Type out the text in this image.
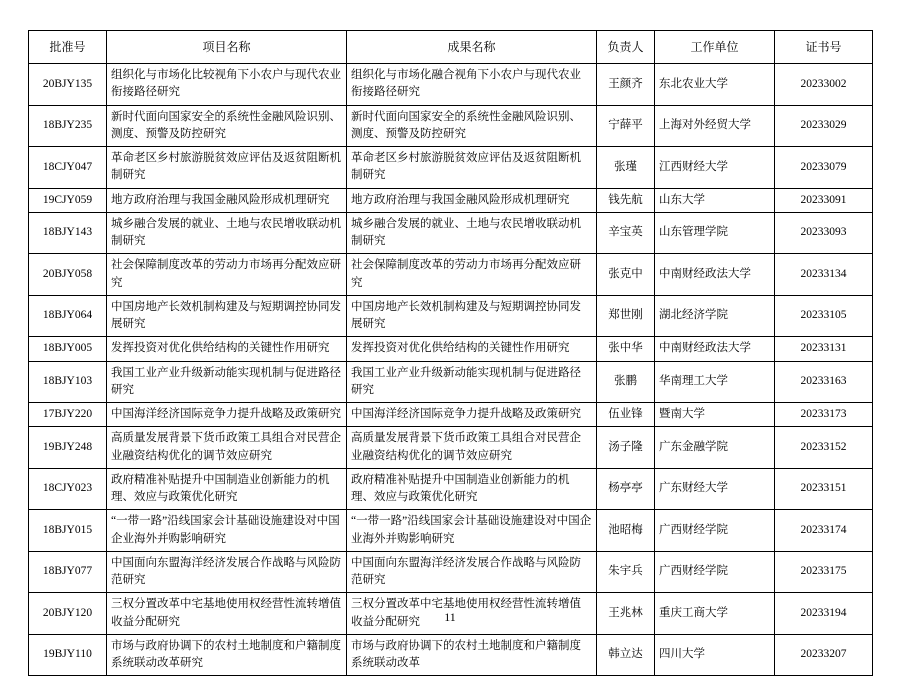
批准号	项目名称	成果名称	负责人	工作单位	证书号
20BJY135	组织化与市场化比较视角下小农户与现代农业衔接路径研究	组织化与市场化融合视角下小农户与现代农业衔接路径研究	王颜齐	东北农业大学	20233002
18BJY235	新时代面向国家安全的系统性金融风险识别、测度、预警及防控研究	新时代面向国家安全的系统性金融风险识别、测度、预警及防控研究	宁薛平	上海对外经贸大学	20233029
18CJY047	革命老区乡村旅游脱贫效应评估及返贫阻断机制研究	革命老区乡村旅游脱贫效应评估及返贫阻断机制研究	张瑾	江西财经大学	20233079
19CJY059	地方政府治理与我国金融风险形成机理研究	地方政府治理与我国金融风险形成机理研究	钱先航	山东大学	20233091
18BJY143	城乡融合发展的就业、土地与农民增收联动机制研究	城乡融合发展的就业、土地与农民增收联动机制研究	辛宝英	山东管理学院	20233093
20BJY058	社会保障制度改革的劳动力市场再分配效应研究	社会保障制度改革的劳动力市场再分配效应研究	张克中	中南财经政法大学	20233134
18BJY064	中国房地产长效机制构建及与短期调控协同发展研究	中国房地产长效机制构建及与短期调控协同发展研究	郑世刚	湖北经济学院	20233105
18BJY005	发挥投资对优化供给结构的关键性作用研究	发挥投资对优化供给结构的关键性作用研究	张中华	中南财经政法大学	20233131
18BJY103	我国工业产业升级新动能实现机制与促进路径研究	我国工业产业升级新动能实现机制与促进路径研究	张鹏	华南理工大学	20233163
17BJY220	中国海洋经济国际竞争力提升战略及政策研究	中国海洋经济国际竞争力提升战略及政策研究	伍业锋	暨南大学	20233173
19BJY248	高质量发展背景下货币政策工具组合对民营企业融资结构优化的调节效应研究	高质量发展背景下货币政策工具组合对民营企业融资结构优化的调节效应研究	汤子隆	广东金融学院	20233152
18CJY023	政府精准补贴提升中国制造业创新能力的机理、效应与政策优化研究	政府精准补贴提升中国制造业创新能力的机理、效应与政策优化研究	杨亭亭	广东财经大学	20233151
18BJY015	“一带一路”沿线国家会计基础设施建设对中国企业海外并购影响研究	“一带一路”沿线国家会计基础设施建设对中国企业海外并购影响研究	池昭梅	广西财经学院	20233174
18BJY077	中国面向东盟海洋经济发展合作战略与风险防范研究	中国面向东盟海洋经济发展合作战略与风险防范研究	朱宇兵	广西财经学院	20233175
20BJY120	三权分置改革中宅基地使用权经营性流转增值收益分配研究	三权分置改革中宅基地使用权经营性流转增值收益分配研究	王兆林	重庆工商大学	20233194
19BJY110	市场与政府协调下的农村土地制度和户籍制度系统联动改革研究	市场与政府协调下的农村土地制度和户籍制度系统联动改革	韩立达	四川大学	20233207
11
